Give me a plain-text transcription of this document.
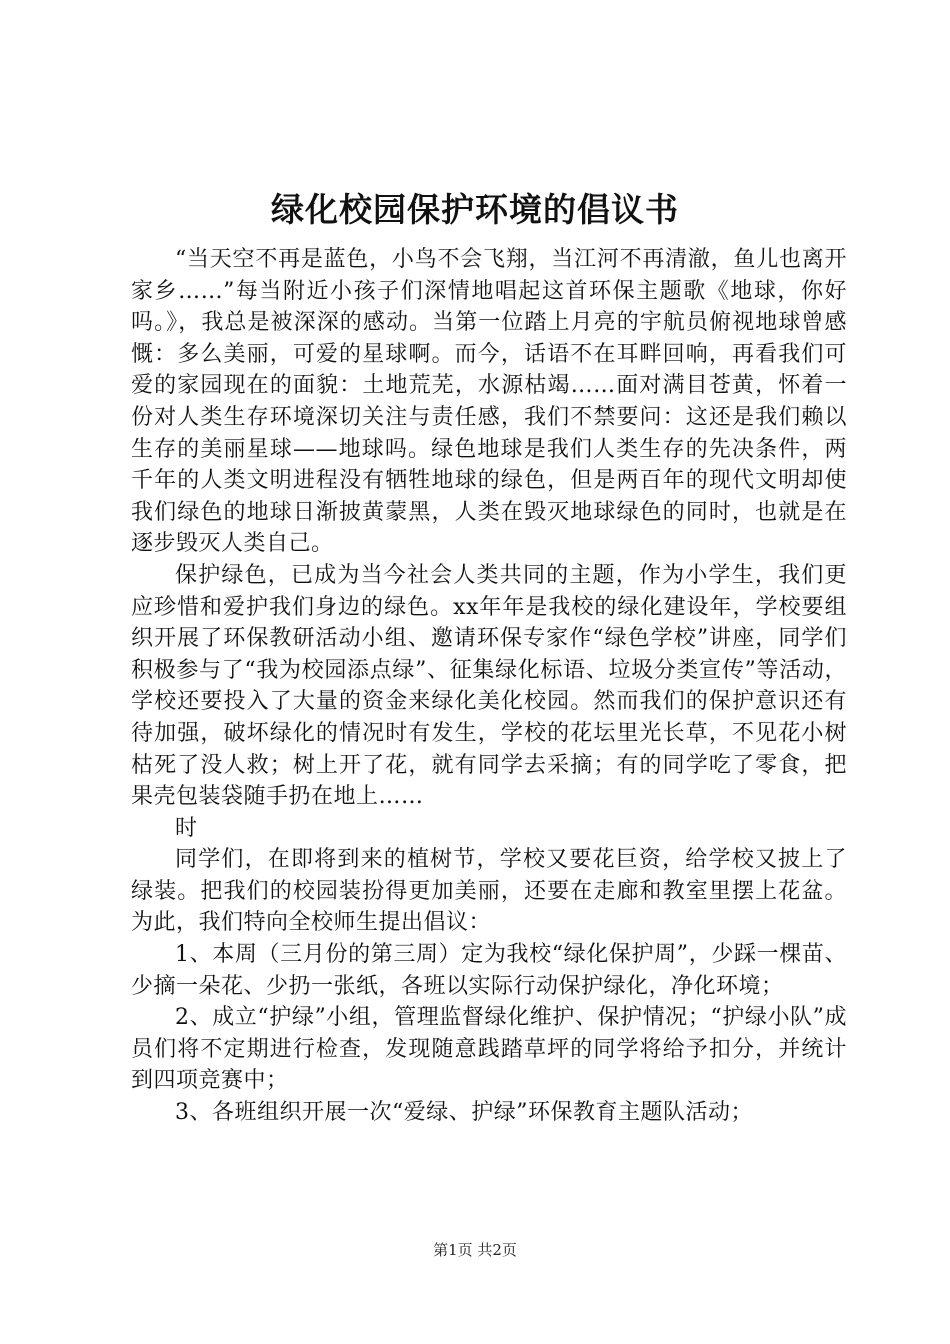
绿化校园保护环境的倡议书

“当天空不再是蓝色，小鸟不会飞翔，当江河不再清澈，鱼儿也离开家乡……”每当附近小孩子们深情地唱起这首环保主题歌《地球，你好吗。》，我总是被深深的感动。当第一位踏上月亮的宇航员俯视地球曾感慨：多么美丽，可爱的星球啊。而今，话语不在耳畔回响，再看我们可爱的家园现在的面貌：土地荒芜，水源枯竭……面对满目苍黄，怀着一份对人类生存环境深切关注与责任感，我们不禁要问：这还是我们赖以生存的美丽星球——地球吗。绿色地球是我们人类生存的先决条件，两千年的人类文明进程没有牺牲地球的绿色，但是两百年的现代文明却使我们绿色的地球日渐披黄蒙黑，人类在毁灭地球绿色的同时，也就是在逐步毁灭人类自己。

保护绿色，已成为当今社会人类共同的主题，作为小学生，我们更应珍惜和爱护我们身边的绿色。xx年年是我校的绿化建设年，学校要组织开展了环保教研活动小组、邀请环保专家作“绿色学校”讲座，同学们积极参与了“我为校园添点绿”、征集绿化标语、垃圾分类宣传”等活动，学校还要投入了大量的资金来绿化美化校园。然而我们的保护意识还有待加强，破坏绿化的情况时有发生，学校的花坛里光长草，不见花小树枯死了没人救；树上开了花，就有同学去采摘；有的同学吃了零食，把果壳包装袋随手扔在地上……

时

同学们，在即将到来的植树节，学校又要花巨资，给学校又披上了绿装。把我们的校园装扮得更加美丽，还要在走廊和教室里摆上花盆。为此，我们特向全校师生提出倡议：

1、本周（三月份的第三周）定为我校“绿化保护周”，少踩一棵苗、少摘一朵花、少扔一张纸，各班以实际行动保护绿化，净化环境；

2、成立“护绿”小组，管理监督绿化维护、保护情况；“护绿小队”成员们将不定期进行检查，发现随意践踏草坪的同学将给予扣分，并统计到四项竞赛中；

3、各班组织开展一次“爱绿、护绿”环保教育主题队活动；

第1页 共2页
